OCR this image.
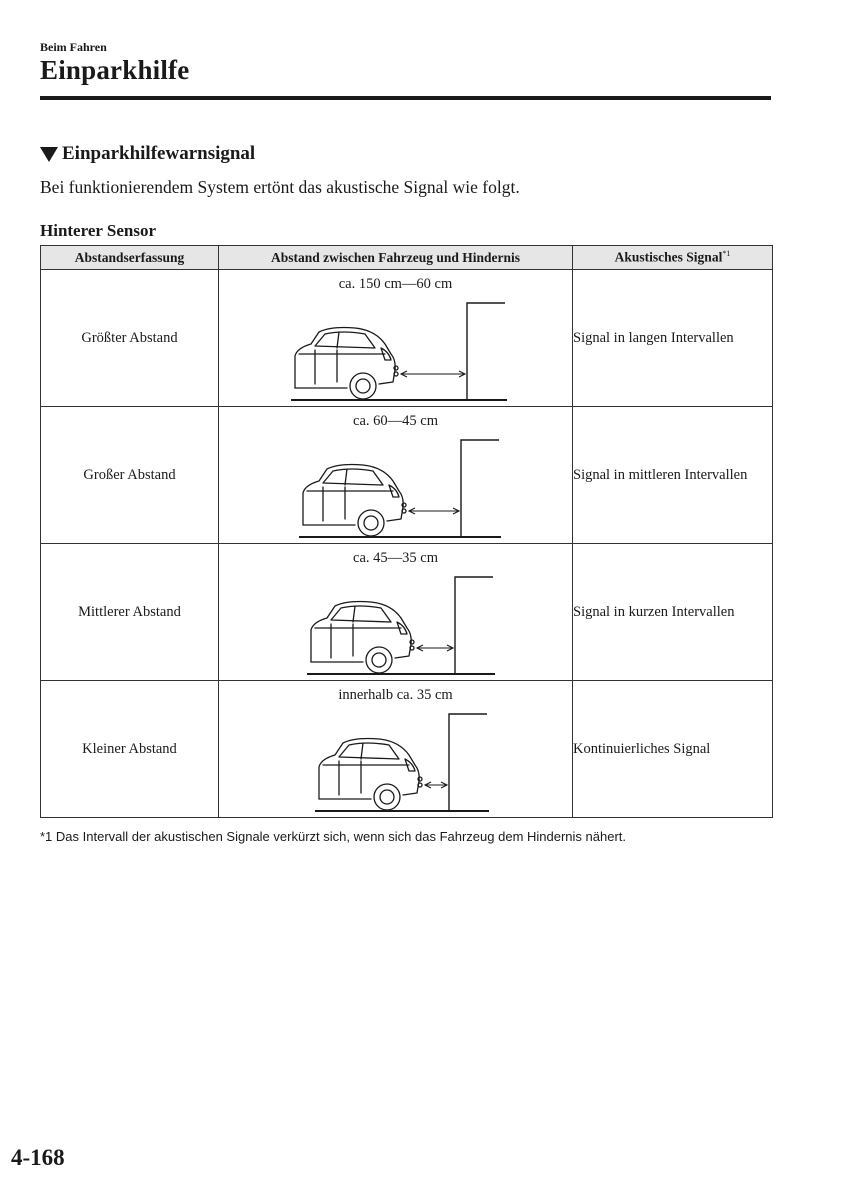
Beim Fahren
Einparkhilfe
Einparkhilfewarnsignal
Bei funktionierendem System ertönt das akustische Signal wie folgt.
Hinterer Sensor
Abstandserfassung	Abstand zwischen Fahrzeug und Hindernis	Akustisches Signal$^{*1}$
Größter Abstand	ca. 150 cm—60 cm	Signal in langen Intervallen
Großer Abstand	ca. 60—45 cm	Signal in mittleren Intervallen
Mittlerer Abstand	ca. 45—35 cm	Signal in kurzen Intervallen
Kleiner Abstand	innerhalb ca. 35 cm	Kontinuierliches Signal
*1 Das Intervall der akustischen Signale verkürzt sich, wenn sich das Fahrzeug dem Hindernis nähert.
4-168
